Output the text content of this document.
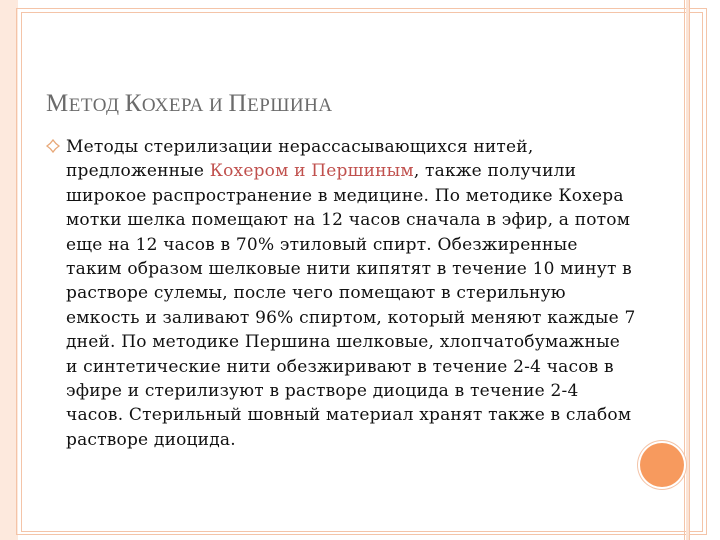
МЕТОД КОХЕРА И ПЕРШИНА

Методы стерилизации нерассасывающихся нитей, предложенные Кохером и Першиным, также получили широкое распространение в медицине. По методике Кохера мотки шелка помещают на 12 часов сначала в эфир, а потом еще на 12 часов в 70% этиловый спирт. Обезжиренные таким образом шелковые нити кипятят в течение 10 минут в растворе сулемы, после чего помещают в стерильную емкость и заливают 96% спиртом, который меняют каждые 7 дней. По методике Першина шелковые, хлопчатобумажные и синтетические нити обезжиривают в течение 2-4 часов в эфире и стерилизуют в растворе диоцида в течение 2-4 часов. Стерильный шовный материал хранят также в слабом растворе диоцида.
